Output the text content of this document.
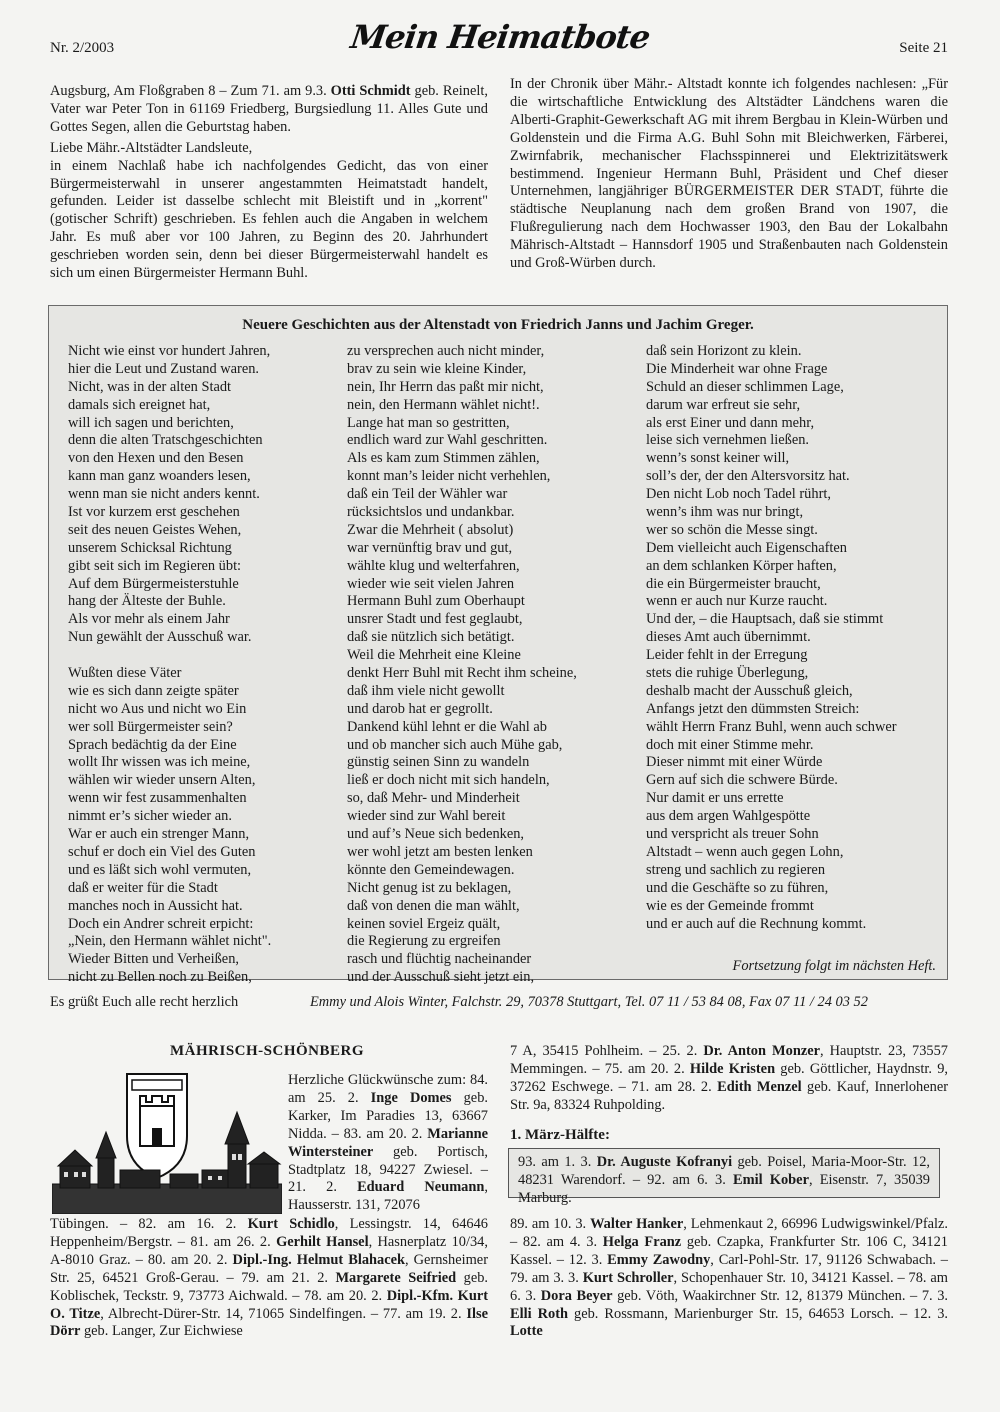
Nr. 2/2003	Mein Heimatbote	Seite 21

Augsburg, Am Floßgraben 8 – Zum 71. am 9.3. Otti Schmidt geb. Reinelt, Vater war Peter Ton in 61169 Friedberg, Burgsiedlung 11. Alles Gute und Gottes Segen, allen die Geburtstag haben.

Liebe Mähr.-Altstädter Landsleute,

in einem Nachlaß habe ich nachfolgendes Gedicht, das von einer Bürgermeisterwahl in unserer angestammten Heimatstadt handelt, gefunden. Leider ist dasselbe schlecht mit Bleistift und in „korrent" (gotischer Schrift) geschrieben. Es fehlen auch die Angaben in welchem Jahr. Es muß aber vor 100 Jahren, zu Beginn des 20. Jahrhundert geschrieben worden sein, denn bei dieser Bürgermeisterwahl handelt es sich um einen Bürgermeister Hermann Buhl.

In der Chronik über Mähr.- Altstadt konnte ich folgendes nachlesen: „Für die wirtschaftliche Entwicklung des Altstädter Ländchens waren die Alberti-Graphit-Gewerkschaft AG mit ihrem Bergbau in Klein-Würben und Goldenstein und die Firma A.G. Buhl Sohn mit Bleichwerken, Färberei, Zwirnfabrik, mechanischer Flachsspinnerei und Elektrizitätswerk bestimmend. Ingenieur Hermann Buhl, Präsident und Chef dieser Unternehmen, langjähriger BÜRGERMEISTER DER STADT, führte die städtische Neuplanung nach dem großen Brand von 1907, die Flußregulierung nach dem Hochwasser 1903, den Bau der Lokalbahn Mährisch-Altstadt – Hannsdorf 1905 und Straßenbauten nach Goldenstein und Groß-Würben durch.

Neuere Geschichten aus der Altenstadt von Friedrich Janns und Jachim Greger.
Nicht wie einst vor hundert Jahren,
hier die Leut und Zustand waren.
Nicht, was in der alten Stadt
damals sich ereignet hat,
will ich sagen und berichten,
denn die alten Tratschgeschichten
von den Hexen und den Besen
kann man ganz woanders lesen,
wenn man sie nicht anders kennt.
Ist vor kurzem erst geschehen
seit des neuen Geistes Wehen,
unserem Schicksal Richtung
gibt seit sich im Regieren übt:
Auf dem Bürgermeisterstuhle
hang der Älteste der Buhle.
Als vor mehr als einem Jahr
Nun gewählt der Ausschuß war.
Wußten diese Väter
wie es sich dann zeigte später
nicht wo Aus und nicht wo Ein
wer soll Bürgermeister sein?
Sprach bedächtig da der Eine
wollt Ihr wissen was ich meine,
wählen wir wieder unsern Alten,
wenn wir fest zusammenhalten
nimmt er’s sicher wieder an.
War er auch ein strenger Mann,
schuf er doch ein Viel des Guten
und es läßt sich wohl vermuten,
daß er weiter für die Stadt
manches noch in Aussicht hat.
Doch ein Andrer schreit erpicht:
„Nein, den Hermann wählet nicht".
Wieder Bitten und Verheißen,
nicht zu Bellen noch zu Beißen,
zu versprechen auch nicht minder,
brav zu sein wie kleine Kinder,
nein, Ihr Herrn das paßt mir nicht,
nein, den Hermann wählet nicht!.
Lange hat man so gestritten,
endlich ward zur Wahl geschritten.
Als es kam zum Stimmen zählen,
konnt man’s leider nicht verhehlen,
daß ein Teil der Wähler war
rücksichtslos und undankbar.
Zwar die Mehrheit ( absolut)
war vernünftig brav und gut,
wählte klug und welterfahren,
wieder wie seit vielen Jahren
Hermann Buhl zum Oberhaupt
unsrer Stadt und fest geglaubt,
daß sie nützlich sich betätigt.
Weil die Mehrheit eine Kleine
denkt Herr Buhl mit Recht ihm scheine,
daß ihm viele nicht gewollt
und darob hat er gegrollt.
Dankend kühl lehnt er die Wahl ab
und ob mancher sich auch Mühe gab,
günstig seinen Sinn zu wandeln
ließ er doch nicht mit sich handeln,
so, daß Mehr- und Minderheit
wieder sind zur Wahl bereit
und auf’s Neue sich bedenken,
wer wohl jetzt am besten lenken
könnte den Gemeindewagen.
Nicht genug ist zu beklagen,
daß von denen die man wählt,
keinen soviel Ergeiz quält,
die Regierung zu ergreifen
rasch und flüchtig nacheinander
und der Ausschuß sieht jetzt ein,
daß sein Horizont zu klein.
Die Minderheit war ohne Frage
Schuld an dieser schlimmen Lage,
darum war erfreut sie sehr,
als erst Einer und dann mehr,
leise sich vernehmen ließen.
wenn’s sonst keiner will,
soll’s der, der den Altersvorsitz hat.
Den nicht Lob noch Tadel rührt,
wenn’s ihm was nur bringt,
wer so schön die Messe singt.
Dem vielleicht auch Eigenschaften
an dem schlanken Körper haften,
die ein Bürgermeister braucht,
wenn er auch nur Kurze raucht.
Und der, – die Hauptsach, daß sie stimmt
dieses Amt auch übernimmt.
Leider fehlt in der Erregung
stets die ruhige Überlegung,
deshalb macht der Ausschuß gleich,
Anfangs jetzt den dümmsten Streich:
wählt Herrn Franz Buhl, wenn auch schwer
doch mit einer Stimme mehr.
Dieser nimmt mit einer Würde
Gern auf sich die schwere Bürde.
Nur damit er uns errette
aus dem argen Wahlgespötte
und verspricht als treuer Sohn
Altstadt – wenn auch gegen Lohn,
streng und sachlich zu regieren
und die Geschäfte so zu führen,
wie es der Gemeinde frommt
und er auch auf die Rechnung kommt.
Fortsetzung folgt im nächsten Heft.
Es grüßt Euch alle recht herzlich	Emmy und Alois Winter, Falchstr. 29, 70378 Stuttgart, Tel. 07 11 / 53 84 08, Fax 07 11 / 24 03 52
MÄHRISCH-SCHÖNBERG
Herzliche Glückwünsche zum: 84. am 25. 2. Inge Domes geb. Karker, Im Paradies 13, 63667 Nidda. – 83. am 20. 2. Marianne Wintersteiner geb. Portisch, Stadtplatz 18, 94227 Zwiesel. – 21. 2. Eduard Neumann, Hausserstr. 131, 72076
Tübingen. – 82. am 16. 2. Kurt Schidlo, Lessingstr. 14, 64646 Heppenheim/Bergstr. – 81. am 26. 2. Gerhilt Hansel, Hasnerplatz 10/34, A-8010 Graz. – 80. am 20. 2. Dipl.-Ing. Helmut Blahacek, Gernsheimer Str. 25, 64521 Groß-Gerau. – 79. am 21. 2. Margarete Seifried geb. Koblischek, Teckstr. 9, 73773 Aichwald. – 78. am 20. 2. Dipl.-Kfm. Kurt O. Titze, Albrecht-Dürer-Str. 14, 71065 Sindelfingen. – 77. am 19. 2. Ilse Dörr geb. Langer, Zur Eichwiese
7 A, 35415 Pohlheim. – 25. 2. Dr. Anton Monzer, Hauptstr. 23, 73557 Memmingen. – 75. am 20. 2. Hilde Kristen geb. Göttlicher, Haydnstr. 9, 37262 Eschwege. – 71. am 28. 2. Edith Menzel geb. Kauf, Innerlohener Str. 9a, 83324 Ruhpolding.
1. März-Hälfte:
93. am 1. 3. Dr. Auguste Kofranyi geb. Poisel, Maria-Moor-Str. 12, 48231 Warendorf. – 92. am 6. 3. Emil Kober, Eisenstr. 7, 35039 Marburg.
89. am 10. 3. Walter Hanker, Lehmenkaut 2, 66996 Ludwigswinkel/Pfalz. – 82. am 4. 3. Helga Franz geb. Czapka, Frankfurter Str. 106 C, 34121 Kassel. – 12. 3. Emmy Zawodny, Carl-Pohl-Str. 17, 91126 Schwabach. – 79. am 3. 3. Kurt Schroller, Schopenhauer Str. 10, 34121 Kassel. – 78. am 6. 3. Dora Beyer geb. Vöth, Waakirchner Str. 12, 81379 München. – 7. 3. Elli Roth geb. Rossmann, Marienburger Str. 15, 64653 Lorsch. – 12. 3. Lotte
